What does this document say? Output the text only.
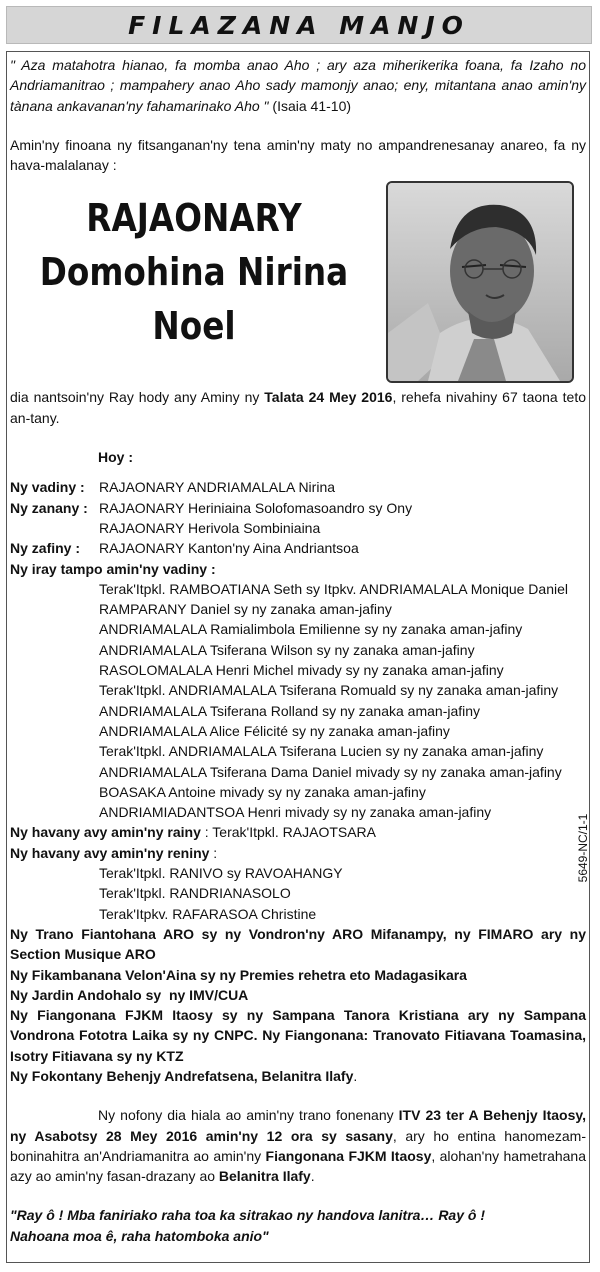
FILAZANA MANJO
5649-NC/1-1

" Aza matahotra hianao, fa momba anao Aho ; ary aza miherikerika foana, fa Izaho no Andriamanitrao ; mampahery anao Aho sady mamonjy anao; eny, mitantana anao amin'ny tànana ankavanan'ny fahamarinako Aho " (Isaia 41-10)

Amin'ny finoana ny fitsanganan'ny tena amin'ny maty no ampandrenesanay anareo, fa ny hava-malalanay :

RAJAONARY
Domohina Nirina
Noel

dia nantsoin'ny Ray hody any Aminy ny Talata 24 Mey 2016, rehefa nivahiny 67 taona teto an-tany.

Hoy :

Ny vadiny :	RAJAONARY ANDRIAMALALA Nirina
Ny zanany : RAJAONARY Heriniaina Solofomasoandro sy Ony

RAJAONARY Herivola Sombiniaina

Ny zafiny :	RAJAONARY Kanton'ny Aina Andriantsoa

Ny iray tampo amin'ny vadiny :

Terak'Itpkl. RAMBOATIANA Seth sy Itpkv. ANDRIAMALALA Monique Daniel

RAMPARANY Daniel sy ny zanaka aman-jafiny

ANDRIAMALALA Ramialimbola Emilienne sy ny zanaka aman-jafiny

ANDRIAMALALA Tsiferana Wilson sy ny zanaka aman-jafiny

RASOLOMALALA Henri Michel mivady sy ny zanaka aman-jafiny

Terak'Itpkl. ANDRIAMALALA Tsiferana Romuald sy ny zanaka aman-jafiny

ANDRIAMALALA Tsiferana Rolland sy ny zanaka aman-jafiny

ANDRIAMALALA Alice Félicité sy ny zanaka aman-jafiny

Terak'Itpkl. ANDRIAMALALA Tsiferana Lucien sy ny zanaka aman-jafiny

ANDRIAMALALA Tsiferana Dama Daniel mivady sy ny zanaka aman-jafiny

BOASAKA Antoine mivady sy ny zanaka aman-jafiny

ANDRIAMIADANTSOA Henri mivady sy ny zanaka aman-jafiny

Ny havany avy amin'ny rainy : Terak'Itpkl. RAJAOTSARA

Ny havany avy amin'ny reniny :

Terak'Itpkl. RANIVO sy RAVOAHANGY

Terak'Itpkl. RANDRIANASOLO

Terak'Itpkv. RAFARASOA Christine

Ny Trano Fiantohana ARO sy ny Vondron'ny ARO Mifanampy, ny FIMARO ary ny Section Musique ARO

Ny Fikambanana Velon'Aina sy ny Premies rehetra eto Madagasikara

Ny Jardin Andohalo sy  ny IMV/CUA

Ny Fiangonana FJKM Itaosy sy ny Sampana Tanora Kristiana ary ny Sampana Vondrona Fototra Laika sy ny CNPC. Ny Fiangonana: Tranovato Fitiavana Toamasina, Isotry Fitiavana sy ny KTZ

Ny Fokontany Behenjy Andrefatsena, Belanitra Ilafy.

Ny nofony dia hiala ao amin'ny trano fonenany ITV 23 ter A Behenjy Itaosy, ny Asabotsy 28 Mey 2016 amin'ny 12 ora sy sasany, ary ho entina hanomezam-boninahitra an'Andriamanitra ao amin'ny Fiangonana FJKM Itaosy, alohan'ny hametrahana azy ao amin'ny fasan-drazany ao Belanitra Ilafy.

"Ray ô ! Mba faniriako raha toa ka sitrakao ny handova lanitra… Ray ô !

Nahoana moa ê, raha hatomboka anio"
